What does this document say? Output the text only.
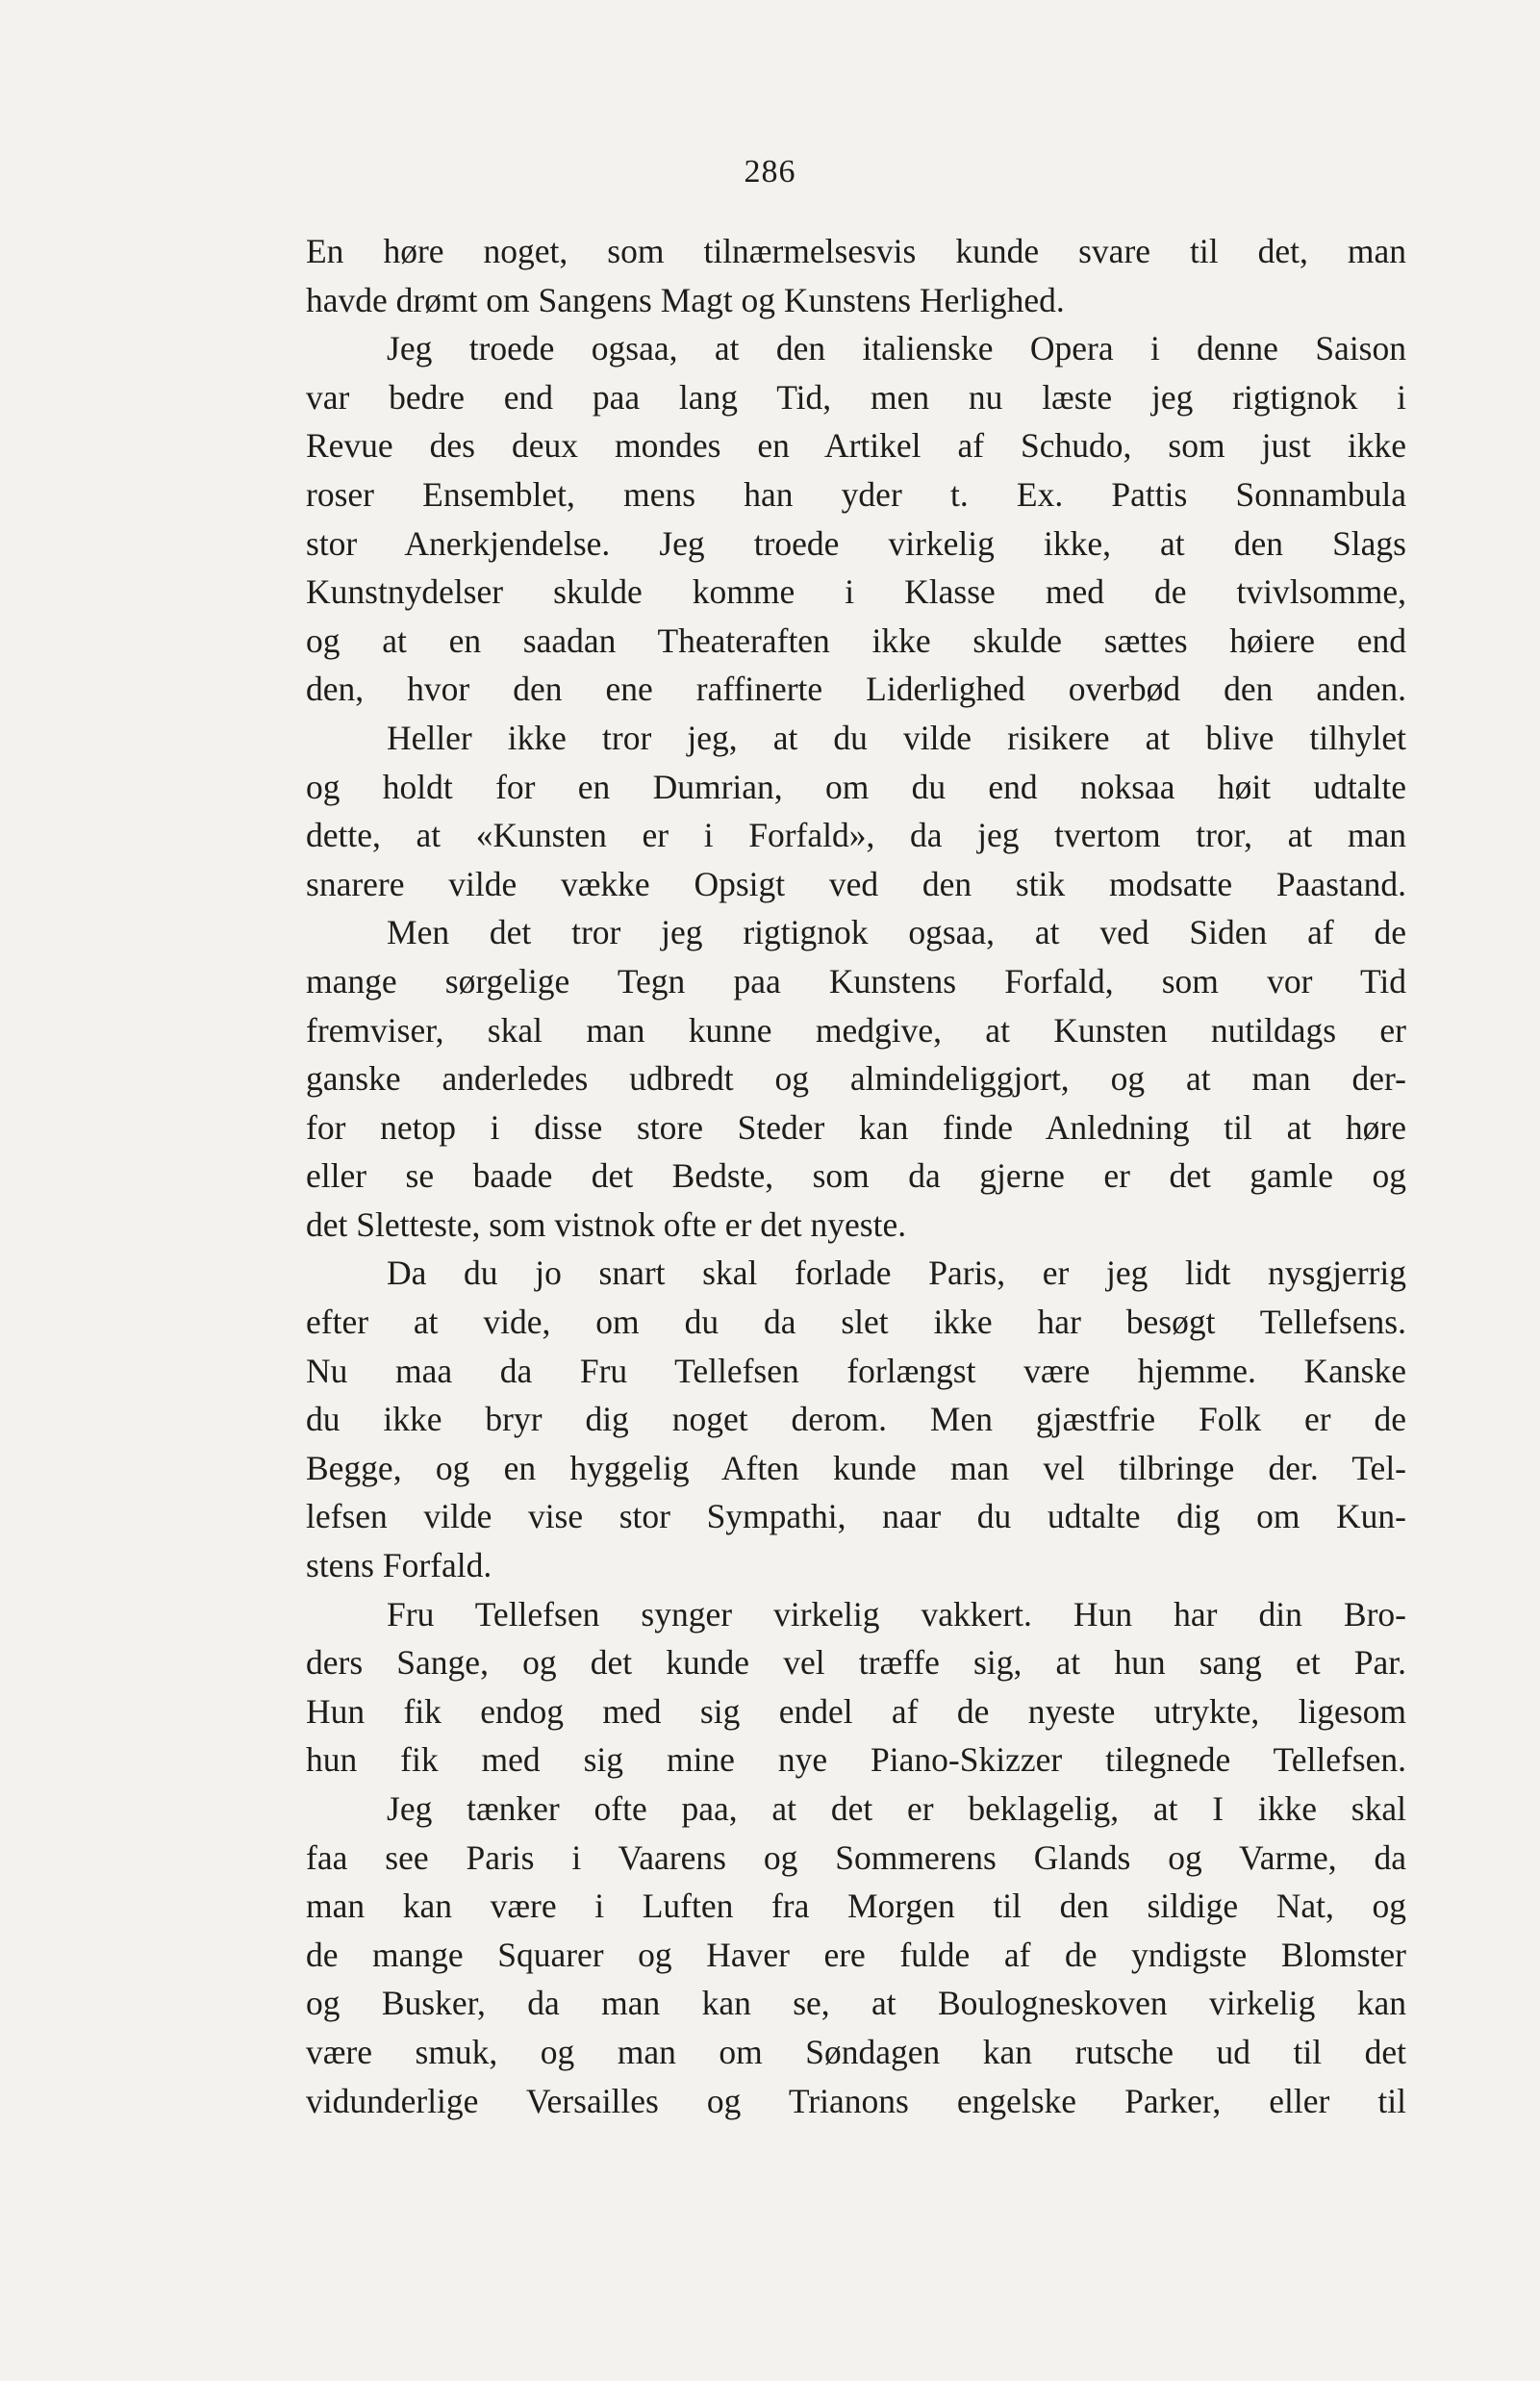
286
En høre noget, som tilnærmelsesvis kunde svare til det, man
havde drømt om Sangens Magt og Kunstens Herlighed.
Jeg troede ogsaa, at den italienske Opera i denne Saison
var bedre end paa lang Tid, men nu læste jeg rigtignok i
Revue des deux mondes en Artikel af Schudo, som just ikke
roser Ensemblet, mens han yder t. Ex. Pattis Sonnambula
stor Anerkjendelse. Jeg troede virkelig ikke, at den Slags
Kunstnydelser skulde komme i Klasse med de tvivlsomme,
og at en saadan Theateraften ikke skulde sættes høiere end
den, hvor den ene raffinerte Liderlighed overbød den anden.
Heller ikke tror jeg, at du vilde risikere at blive tilhylet
og holdt for en Dumrian, om du end noksaa høit udtalte
dette, at «Kunsten er i Forfald», da jeg tvertom tror, at man
snarere vilde vække Opsigt ved den stik modsatte Paastand.
Men det tror jeg rigtignok ogsaa, at ved Siden af de
mange sørgelige Tegn paa Kunstens Forfald, som vor Tid
fremviser, skal man kunne medgive, at Kunsten nutildags er
ganske anderledes udbredt og almindeliggjort, og at man der-
for netop i disse store Steder kan finde Anledning til at høre
eller se baade det Bedste, som da gjerne er det gamle og
det Sletteste, som vistnok ofte er det nyeste.
Da du jo snart skal forlade Paris, er jeg lidt nysgjerrig
efter at vide, om du da slet ikke har besøgt Tellefsens.
Nu maa da Fru Tellefsen forlængst være hjemme. Kanske
du ikke bryr dig noget derom. Men gjæstfrie Folk er de
Begge, og en hyggelig Aften kunde man vel tilbringe der. Tel-
lefsen vilde vise stor Sympathi, naar du udtalte dig om Kun-
stens Forfald.
Fru Tellefsen synger virkelig vakkert. Hun har din Bro-
ders Sange, og det kunde vel træffe sig, at hun sang et Par.
Hun fik endog med sig endel af de nyeste utrykte, ligesom
hun fik med sig mine nye Piano-Skizzer tilegnede Tellefsen.
Jeg tænker ofte paa, at det er beklagelig, at I ikke skal
faa see Paris i Vaarens og Sommerens Glands og Varme, da
man kan være i Luften fra Morgen til den sildige Nat, og
de mange Squarer og Haver ere fulde af de yndigste Blomster
og Busker, da man kan se, at Boulogneskoven virkelig kan
være smuk, og man om Søndagen kan rutsche ud til det
vidunderlige Versailles og Trianons engelske Parker, eller til
